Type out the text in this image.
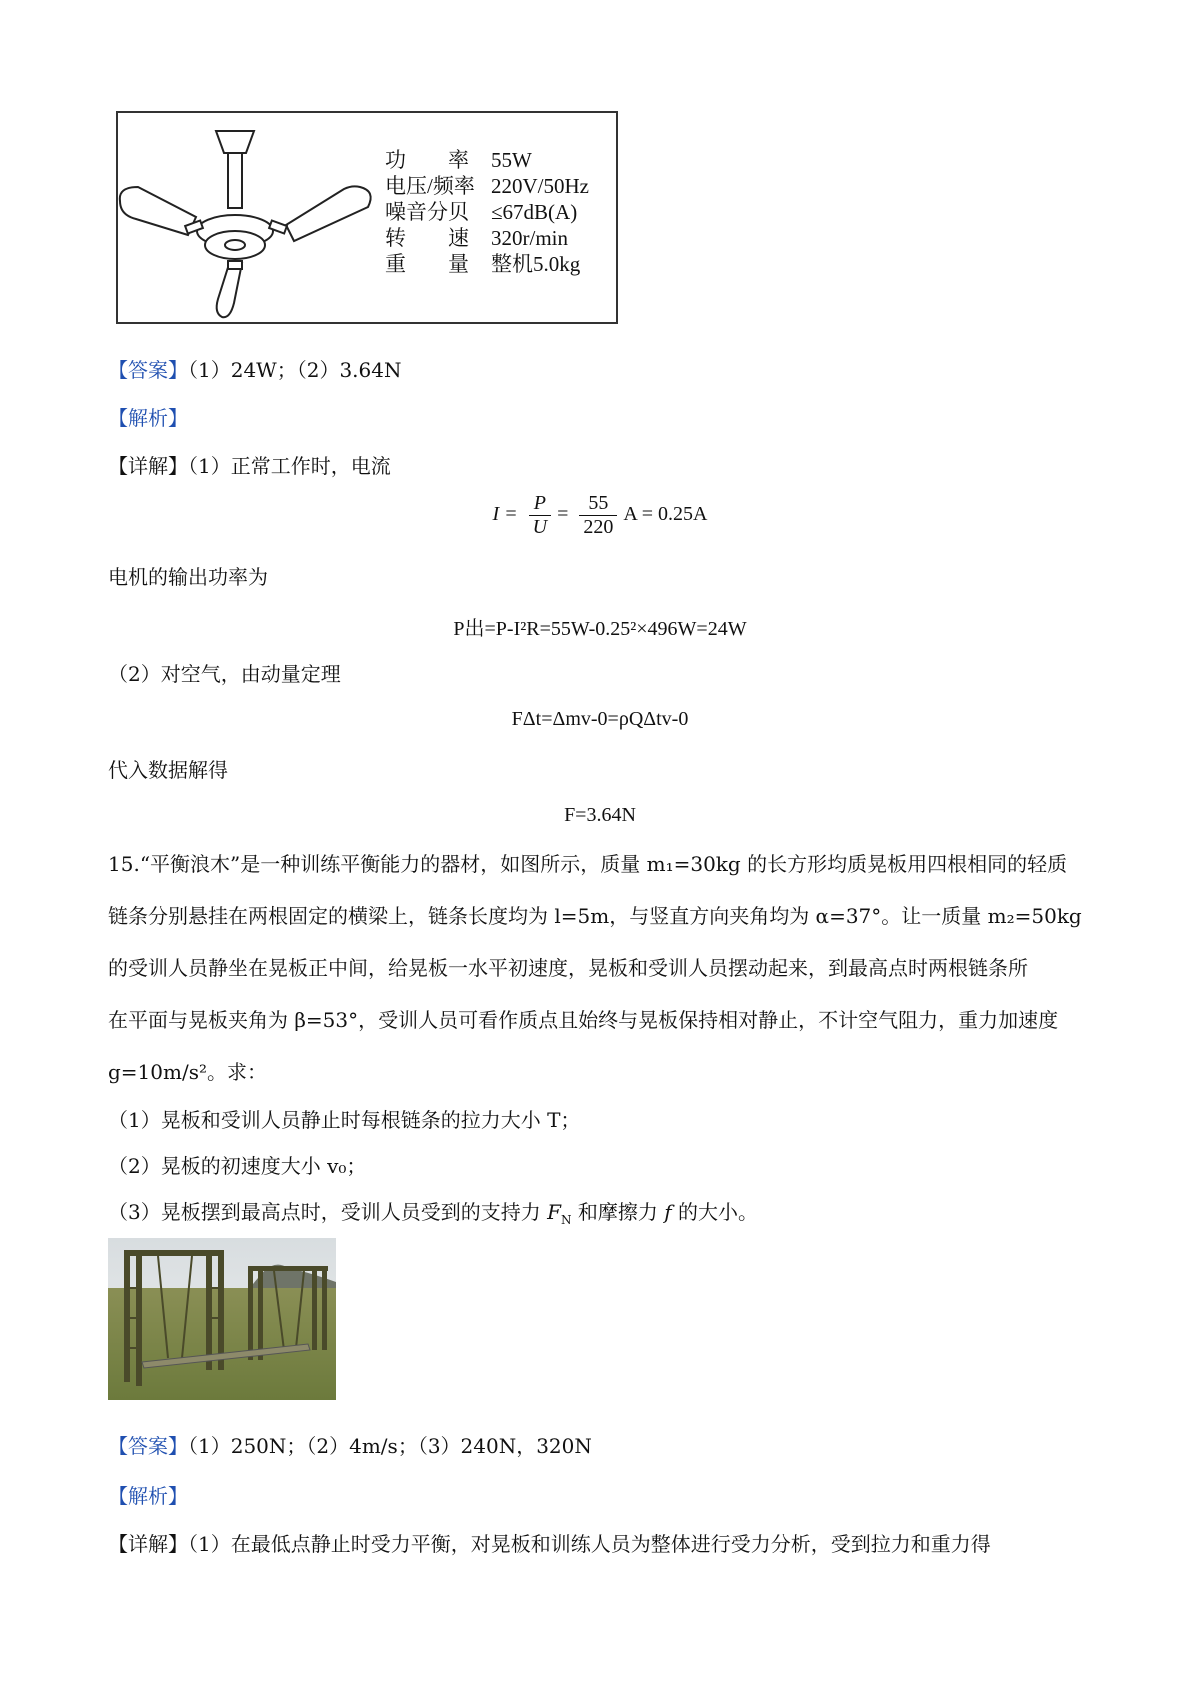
功　　率 55W
电压/频率 220V/50Hz
噪音分贝 ≤67dB(A)
转　　速 320r/min
重　　量 整机5.0kg
【答案】（1）24W；（2）3.64N
【解析】
【详解】（1）正常工作时，电流
$I = \frac{P}{U} = \frac{55}{220}$ A = 0.25A
电机的输出功率为
P出=P-I²R=55W-0.25²×496W=24W
（2）对空气，由动量定理
FΔt=Δmv-0=ρQΔtv-0
代入数据解得
F=3.64N
15.“平衡浪木”是一种训练平衡能力的器材，如图所示，质量 m₁=30kg 的长方形均质晃板用四根相同的轻质
链条分别悬挂在两根固定的横梁上，链条长度均为 l=5m，与竖直方向夹角均为 α=37°。让一质量 m₂=50kg
的受训人员静坐在晃板正中间，给晃板一水平初速度，晃板和受训人员摆动起来，到最高点时两根链条所
在平面与晃板夹角为 β=53°，受训人员可看作质点且始终与晃板保持相对静止，不计空气阻力，重力加速度
g=10m/s²。求：
（1）晃板和受训人员静止时每根链条的拉力大小 T；
（2）晃板的初速度大小 v₀；
（3）晃板摆到最高点时，受训人员受到的支持力 $F_N$ 和摩擦力 f 的大小。
【答案】（1）250N；（2）4m/s；（3）240N，320N
【解析】
【详解】（1）在最低点静止时受力平衡，对晃板和训练人员为整体进行受力分析，受到拉力和重力得
